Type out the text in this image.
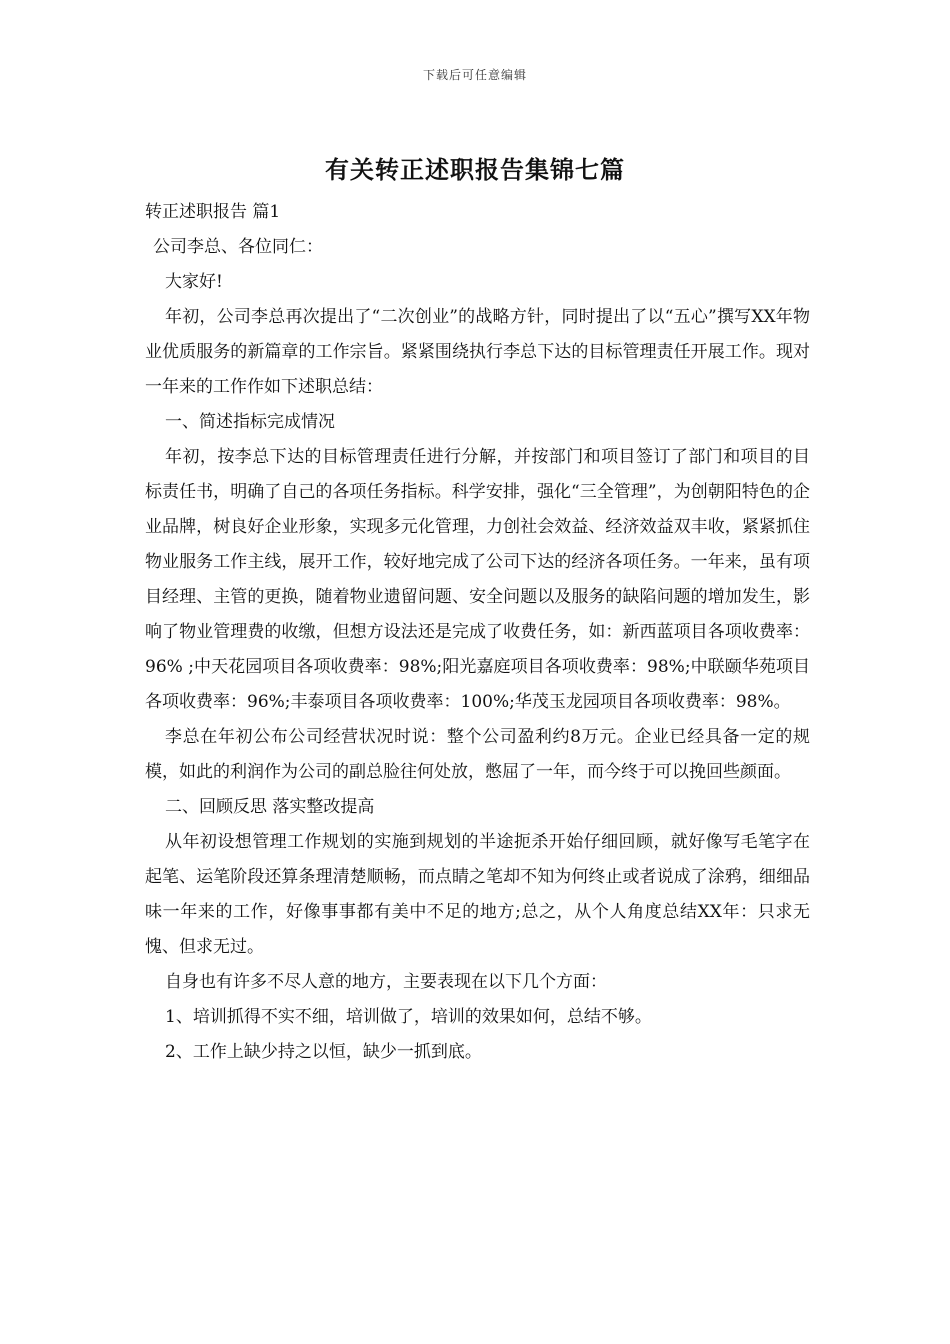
下载后可任意编辑
有关转正述职报告集锦七篇

转正述职报告 篇1

公司李总、各位同仁：

大家好!

年初，公司李总再次提出了“二次创业”的战略方针，同时提出了以“五心”撰写XX年物业优质服务的新篇章的工作宗旨。紧紧围绕执行李总下达的目标管理责任开展工作。现对一年来的工作作如下述职总结：

一、简述指标完成情况

年初，按李总下达的目标管理责任进行分解，并按部门和项目签订了部门和项目的目标责任书，明确了自己的各项任务指标。科学安排，强化“三全管理”，为创朝阳特色的企业品牌，树良好企业形象，实现多元化管理，力创社会效益、经济效益双丰收，紧紧抓住物业服务工作主线，展开工作，较好地完成了公司下达的经济各项任务。一年来，虽有项目经理、主管的更换，随着物业遗留问题、安全问题以及服务的缺陷问题的增加发生，影响了物业管理费的收缴，但想方设法还是完成了收费任务，如：新西蓝项目各项收费率：96% ;中天花园项目各项收费率：98%;阳光嘉庭项目各项收费率：98%;中联颐华苑项目各项收费率：96%;丰泰项目各项收费率：100%;华茂玉龙园项目各项收费率：98%。

李总在年初公布公司经营状况时说：整个公司盈利约8万元。企业已经具备一定的规模，如此的利润作为公司的副总脸往何处放，憋屈了一年，而今终于可以挽回些颜面。

二、回顾反思 落实整改提高

从年初设想管理工作规划的实施到规划的半途扼杀开始仔细回顾，就好像写毛笔字在起笔、运笔阶段还算条理清楚顺畅，而点睛之笔却不知为何终止或者说成了涂鸦，细细品味一年来的工作，好像事事都有美中不足的地方;总之，从个人角度总结XX年：只求无愧、但求无过。

自身也有许多不尽人意的地方，主要表现在以下几个方面：

1、培训抓得不实不细，培训做了，培训的效果如何，总结不够。

2、工作上缺少持之以恒，缺少一抓到底。
